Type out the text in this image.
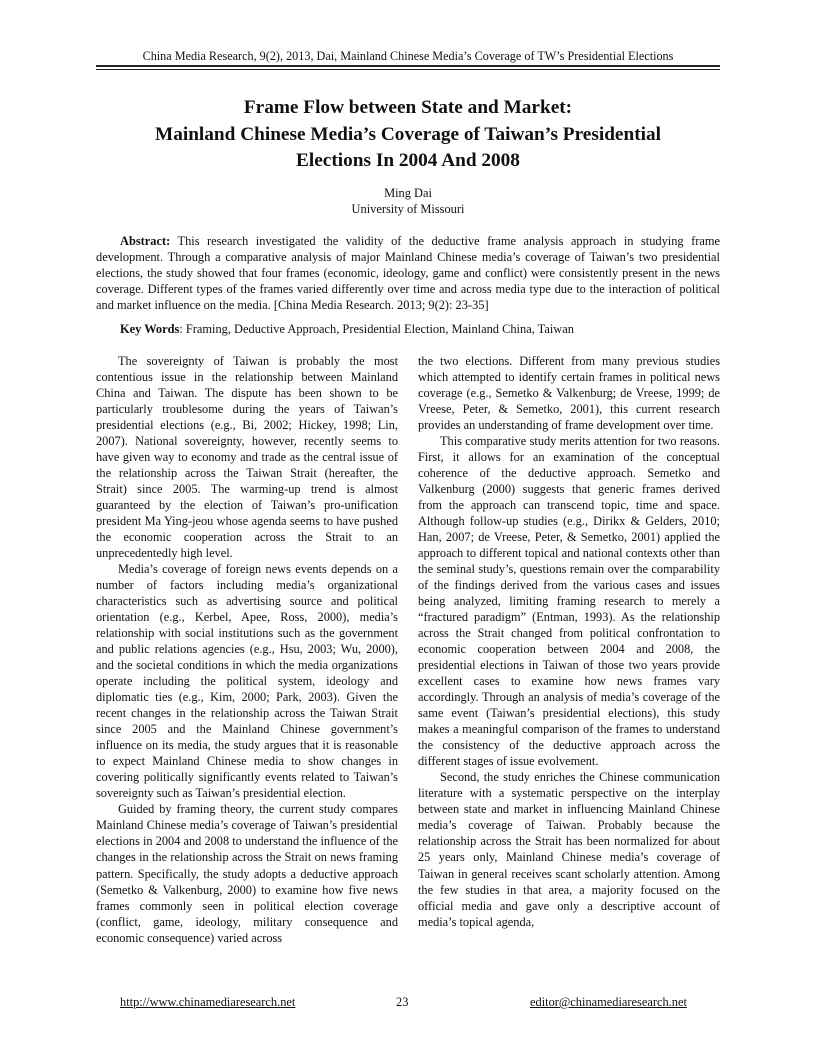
China Media Research, 9(2), 2013, Dai, Mainland Chinese Media’s Coverage of TW’s Presidential Elections
Frame Flow between State and Market:
Mainland Chinese Media’s Coverage of Taiwan’s Presidential
Elections In 2004 And 2008
Ming Dai
University of Missouri
Abstract: This research investigated the validity of the deductive frame analysis approach in studying frame development. Through a comparative analysis of major Mainland Chinese media’s coverage of Taiwan’s two presidential elections, the study showed that four frames (economic, ideology, game and conflict) were consistently present in the news coverage. Different types of the frames varied differently over time and across media type due to the interaction of political and market influence on the media. [China Media Research. 2013; 9(2): 23-35]
Key Words: Framing, Deductive Approach, Presidential Election, Mainland China, Taiwan

The sovereignty of Taiwan is probably the most contentious issue in the relationship between Mainland China and Taiwan. The dispute has been shown to be particularly troublesome during the years of Taiwan’s presidential elections (e.g., Bi, 2002; Hickey, 1998; Lin, 2007). National sovereignty, however, recently seems to have given way to economy and trade as the central issue of the relationship across the Taiwan Strait (hereafter, the Strait) since 2005. The warming-up trend is almost guaranteed by the election of Taiwan’s pro-unification president Ma Ying-jeou whose agenda seems to have pushed the economic cooperation across the Strait to an unprecedentedly high level.

Media’s coverage of foreign news events depends on a number of factors including media’s organizational characteristics such as advertising source and political orientation (e.g., Kerbel, Apee, Ross, 2000), media’s relationship with social institutions such as the government and public relations agencies (e.g., Hsu, 2003; Wu, 2000), and the societal conditions in which the media organizations operate including the political system, ideology and diplomatic ties (e.g., Kim, 2000; Park, 2003). Given the recent changes in the relationship across the Taiwan Strait since 2005 and the Mainland Chinese government’s influence on its media, the study argues that it is reasonable to expect Mainland Chinese media to show changes in covering politically significantly events related to Taiwan’s sovereignty such as Taiwan’s presidential election.

Guided by framing theory, the current study compares Mainland Chinese media’s coverage of Taiwan’s presidential elections in 2004 and 2008 to understand the influence of the changes in the relationship across the Strait on news framing pattern. Specifically, the study adopts a deductive approach (Semetko & Valkenburg, 2000) to examine how five news frames commonly seen in political election coverage (conflict, game, ideology, military consequence and economic consequence) varied across

the two elections. Different from many previous studies which attempted to identify certain frames in political news coverage (e.g., Semetko & Valkenburg; de Vreese, 1999; de Vreese, Peter, & Semetko, 2001), this current research provides an understanding of frame development over time.

This comparative study merits attention for two reasons. First, it allows for an examination of the conceptual coherence of the deductive approach. Semetko and Valkenburg (2000) suggests that generic frames derived from the approach can transcend topic, time and space. Although follow-up studies (e.g., Dirikx & Gelders, 2010; Han, 2007; de Vreese, Peter, & Semetko, 2001) applied the approach to different topical and national contexts other than the seminal study’s, questions remain over the comparability of the findings derived from the various cases and issues being analyzed, limiting framing research to merely a “fractured paradigm” (Entman, 1993). As the relationship across the Strait changed from political confrontation to economic cooperation between 2004 and 2008, the presidential elections in Taiwan of those two years provide excellent cases to examine how news frames vary accordingly. Through an analysis of media’s coverage of the same event (Taiwan’s presidential elections), this study makes a meaningful comparison of the frames to understand the consistency of the deductive approach across the different stages of issue evolvement.

Second, the study enriches the Chinese communication literature with a systematic perspective on the interplay between state and market in influencing Mainland Chinese media’s coverage of Taiwan. Probably because the relationship across the Strait has been normalized for about 25 years only, Mainland Chinese media’s coverage of Taiwan in general receives scant scholarly attention. Among the few studies in that area, a majority focused on the official media and gave only a descriptive account of media’s topical agenda,

http://www.chinamediaresearch.net	23	editor@chinamediaresearch.net
